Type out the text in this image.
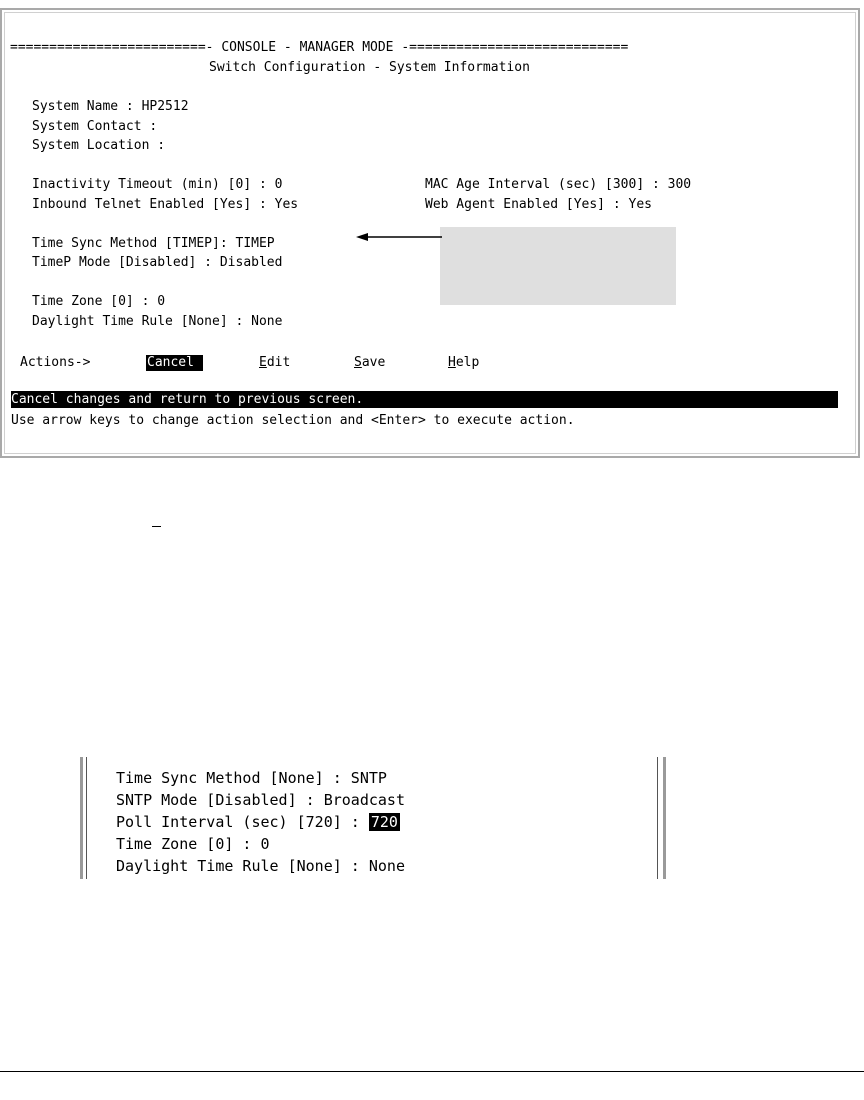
=========================- CONSOLE - MANAGER MODE -============================
Switch Configuration - System Information
System Name : HP2512
System Contact :
System Location :
Inactivity Timeout (min) [0] : 0	MAC Age Interval (sec) [300] : 300
Inbound Telnet Enabled [Yes] : Yes	Web Agent Enabled [Yes] : Yes
Time Sync Method [TIMEP]: TIMEP
TimeP Mode [Disabled] : Disabled
Time Zone [0] : 0
Daylight Time Rule [None] : None
Actions->	Cancel	Edit	Save	Help
Cancel changes and return to previous screen.
Use arrow keys to change action selection and <Enter> to execute action.
Time Sync Method [None] : SNTP
SNTP Mode [Disabled] : Broadcast
Poll Interval (sec) [720] : 720
Time Zone [0] : 0
Daylight Time Rule [None] : None
